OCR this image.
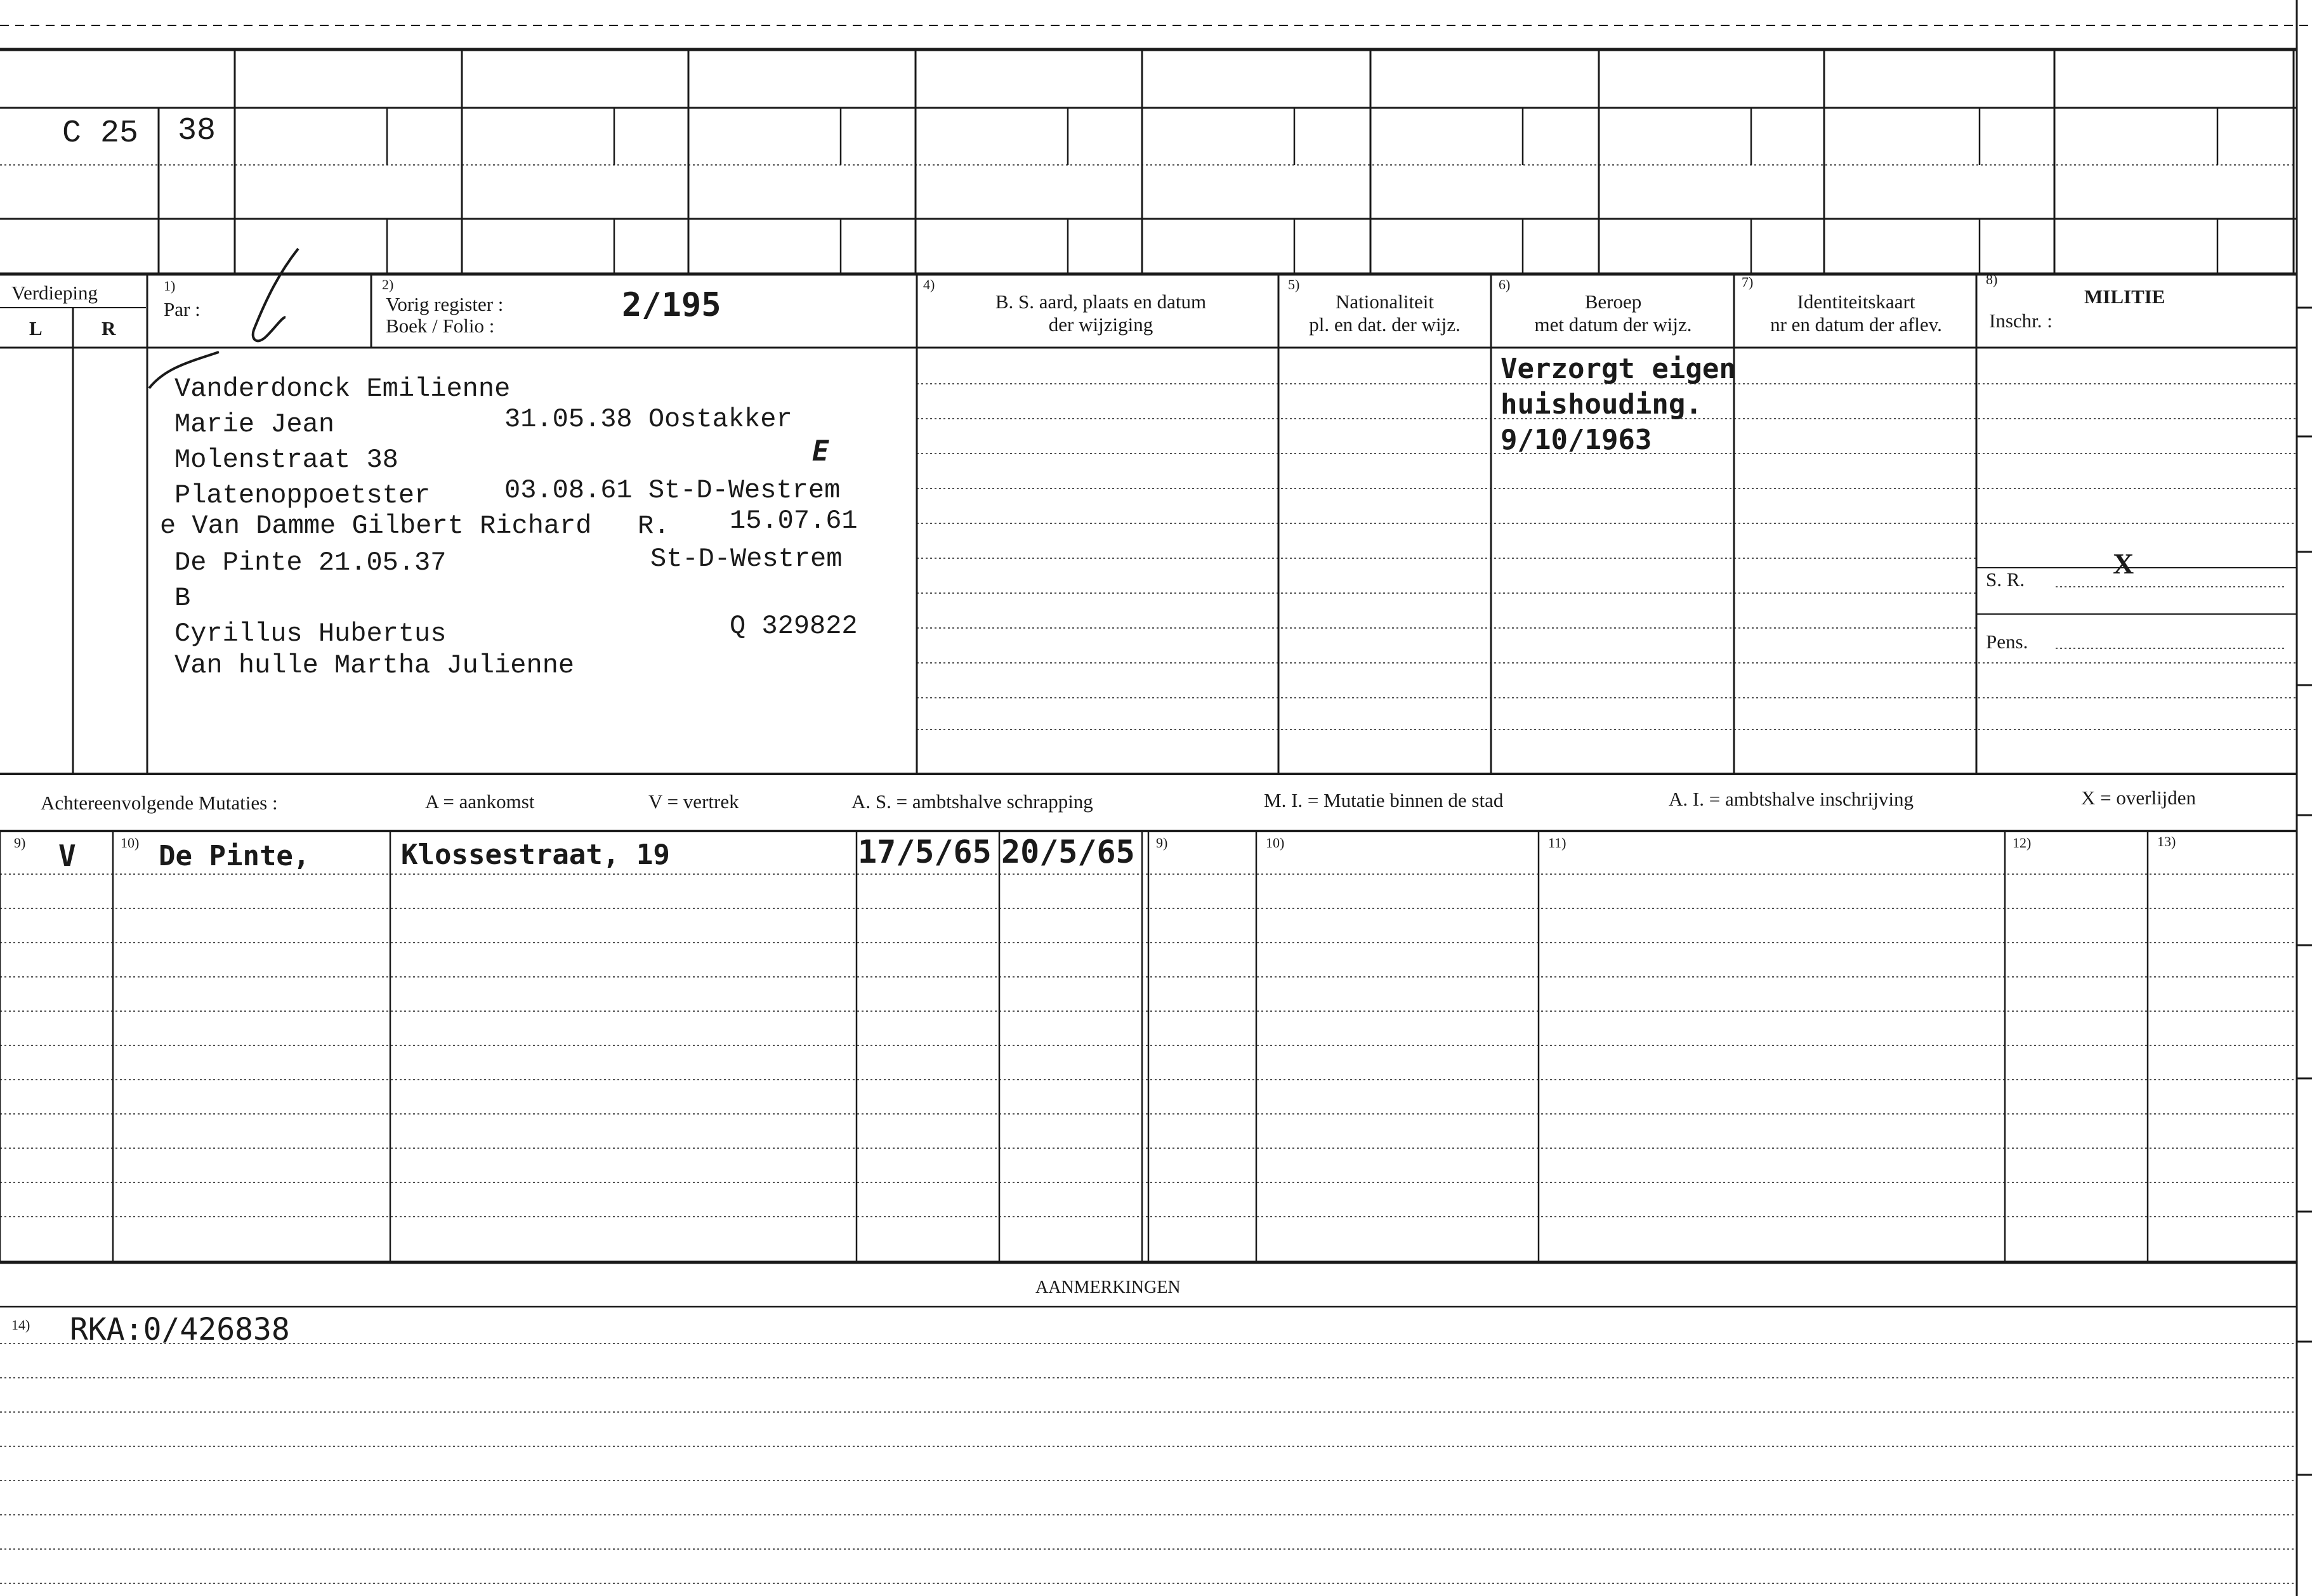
C 25 38
Verdieping
L	R
1)
Par :
2)
Vorig register :
Boek / Folio :
2/195
4)
B. S. aard, plaats en datum
der wijziging
5)
Nationaliteit
pl. en dat. der wijz.
6)
Beroep
met datum der wijz.
7)
Identiteitskaart
nr en datum der aflev.
8)
MILITIE
Inschr. :
Vanderdonck Emilienne
Marie Jean	31.05.38 Oostakker
Molenstraat 38
Platenoppoetster	03.08.61 St-D-Westrem
e Van Damme Gilbert Richard R. 15.07.61
De Pinte 21.05.37	St-D-Westrem
B
Cyrillus Hubertus	Q 329822
Van hulle Martha Julienne
E
Verzorgt eigen
huishouding.
9/10/1963
S. R.	X
Pens.
Achtereenvolgende Mutaties :	A = aankomst	V = vertrek	A. S. = ambtshalve schrapping	M. I. = Mutatie binnen de stad	A. I. = ambtshalve inschrijving	X = overlijden
9)	10)	9)	10)	11)	12)	13)
V	De Pinte,	Klossestraat, 19	17/5/65 20/5/65
AANMERKINGEN
14) RKA:0/426838
